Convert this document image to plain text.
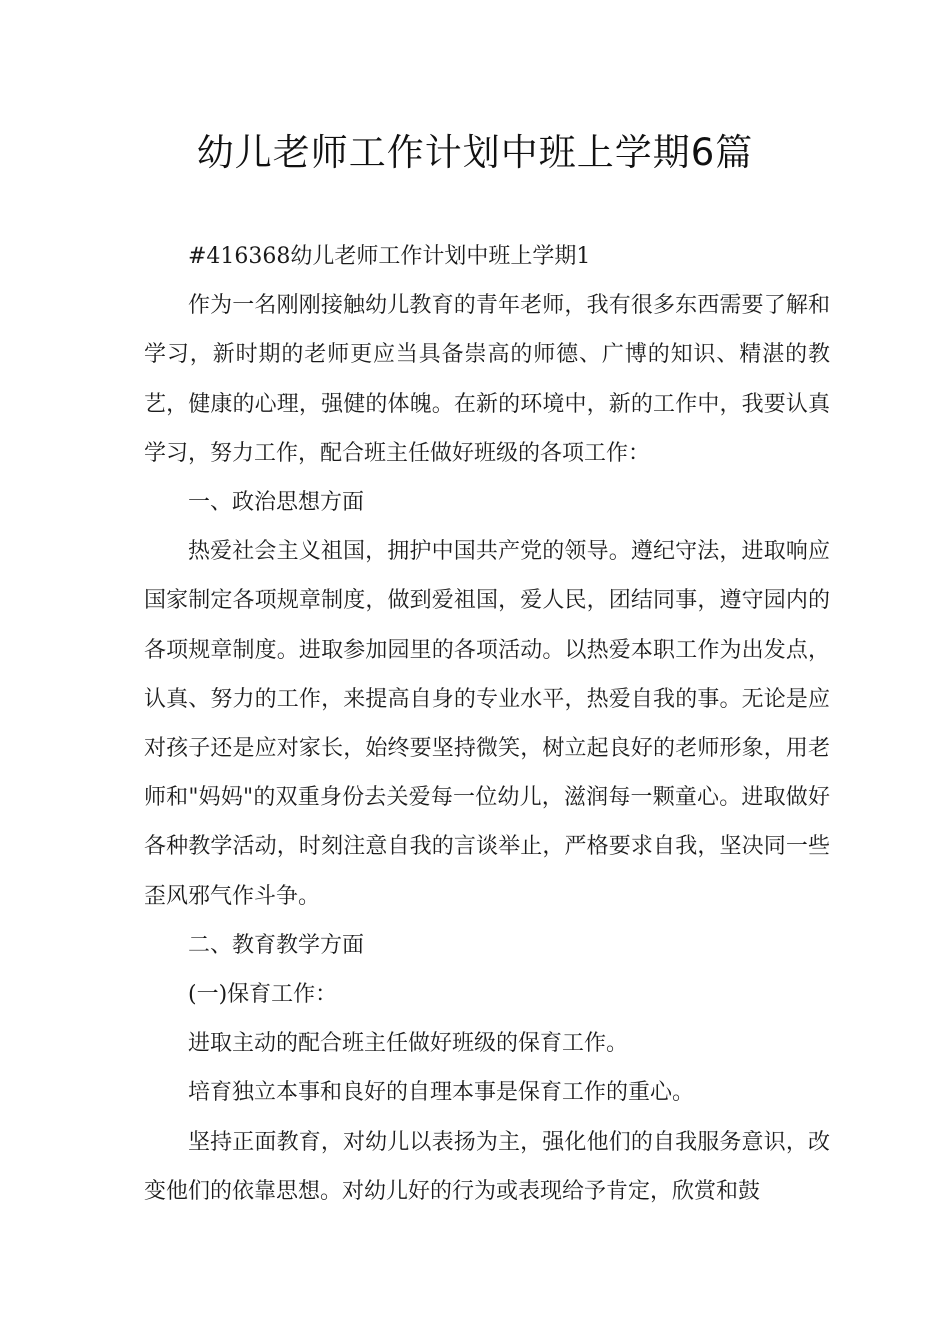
幼儿老师工作计划中班上学期6篇

#416368幼儿老师工作计划中班上学期1

作为一名刚刚接触幼儿教育的青年老师，我有很多东西需要了解和学习，新时期的老师更应当具备崇高的师德、广博的知识、精湛的教艺，健康的心理，强健的体魄。在新的环境中，新的工作中，我要认真学习，努力工作，配合班主任做好班级的各项工作：

一、政治思想方面

热爱社会主义祖国，拥护中国共产党的领导。遵纪守法，进取响应国家制定各项规章制度，做到爱祖国，爱人民，团结同事，遵守园内的各项规章制度。进取参加园里的各项活动。以热爱本职工作为出发点，认真、努力的工作，来提高自身的专业水平，热爱自我的事。无论是应对孩子还是应对家长，始终要坚持微笑，树立起良好的老师形象，用老师和"妈妈"的双重身份去关爱每一位幼儿，滋润每一颗童心。进取做好各种教学活动，时刻注意自我的言谈举止，严格要求自我，坚决同一些歪风邪气作斗争。

二、教育教学方面

(一)保育工作：

进取主动的配合班主任做好班级的保育工作。

培育独立本事和良好的自理本事是保育工作的重心。

坚持正面教育，对幼儿以表扬为主，强化他们的自我服务意识，改变他们的依靠思想。对幼儿好的行为或表现给予肯定，欣赏和鼓
